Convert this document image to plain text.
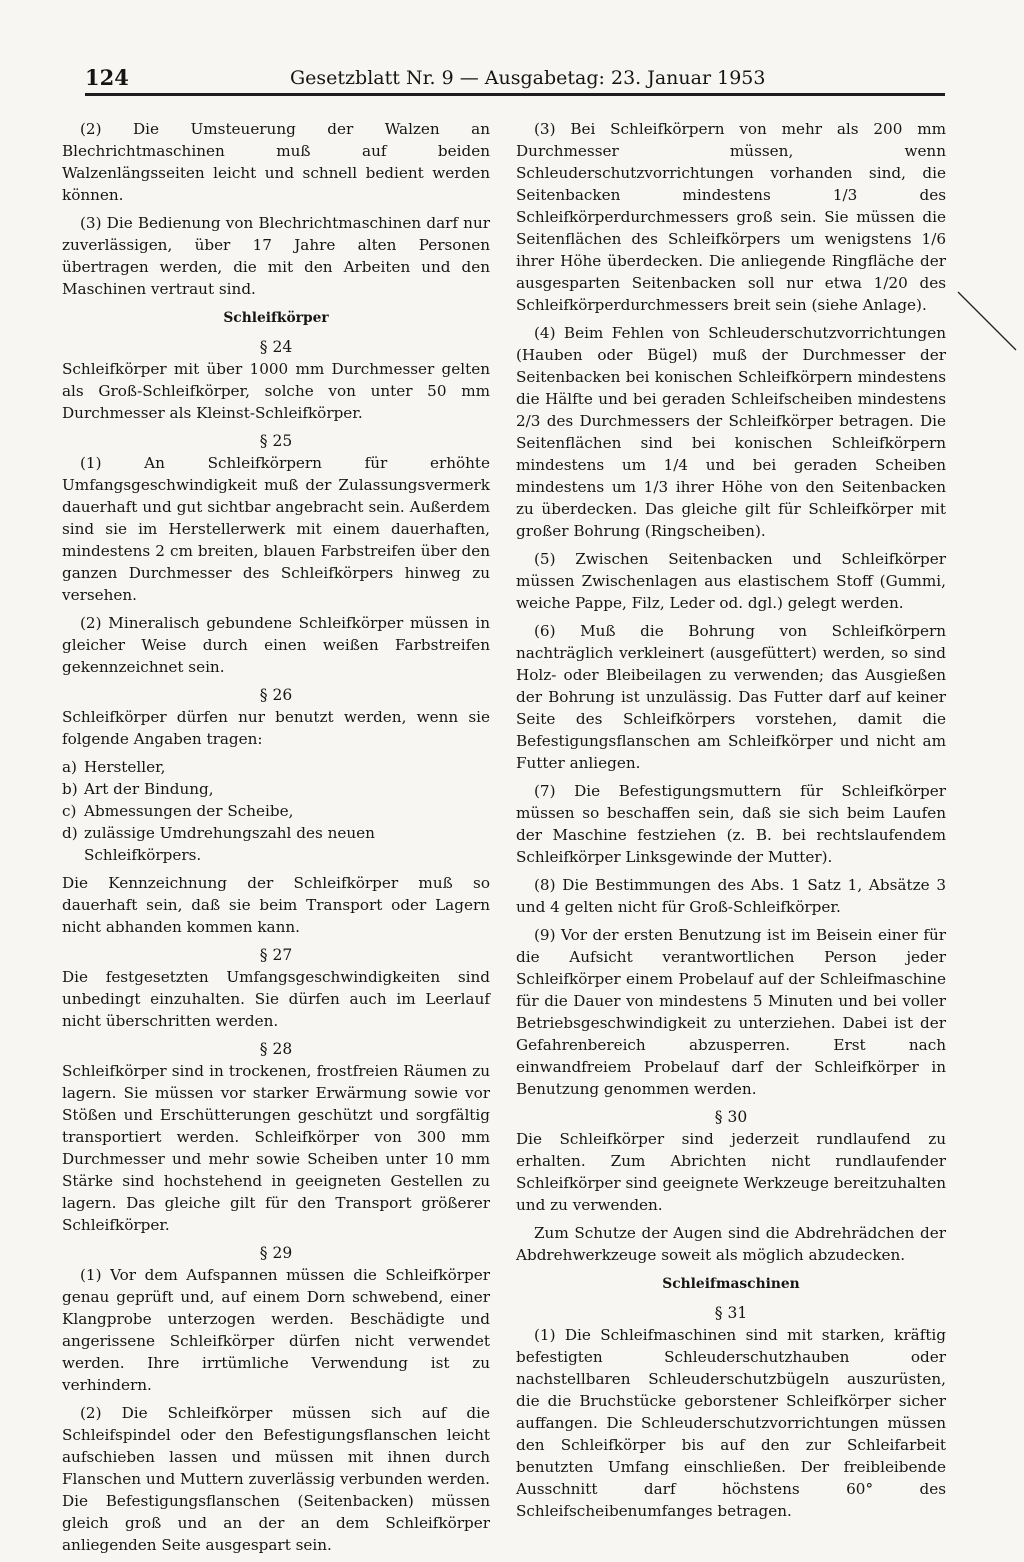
124	Gesetzblatt Nr. 9 — Ausgabetag: 23. Januar 1953

(2) Die Umsteuerung der Walzen an Blechrichtmaschinen muß auf beiden Walzenlängsseiten leicht und schnell bedient werden können.

(3) Die Bedienung von Blechrichtmaschinen darf nur zuverlässigen, über 17 Jahre alten Personen übertragen werden, die mit den Arbeiten und den Maschinen vertraut sind.

Schleifkörper
§ 24

Schleifkörper mit über 1000 mm Durchmesser gelten als Groß-Schleifkörper, solche von unter 50 mm Durchmesser als Kleinst-Schleifkörper.

§ 25

(1) An Schleifkörpern für erhöhte Umfangsgeschwindigkeit muß der Zulassungsvermerk dauerhaft und gut sichtbar angebracht sein. Außerdem sind sie im Herstellerwerk mit einem dauerhaften, mindestens 2 cm breiten, blauen Farbstreifen über den ganzen Durchmesser des Schleifkörpers hinweg zu versehen.

(2) Mineralisch gebundene Schleifkörper müssen in gleicher Weise durch einen weißen Farbstreifen gekennzeichnet sein.

§ 26

Schleifkörper dürfen nur benutzt werden, wenn sie folgende Angaben tragen:

a) Hersteller,
b) Art der Bindung,
c) Abmessungen der Scheibe,
d) zulässige Umdrehungszahl des neuen Schleifkörpers.

Die Kennzeichnung der Schleifkörper muß so dauerhaft sein, daß sie beim Transport oder Lagern nicht abhanden kommen kann.

§ 27

Die festgesetzten Umfangsgeschwindigkeiten sind unbedingt einzuhalten. Sie dürfen auch im Leerlauf nicht überschritten werden.

§ 28

Schleifkörper sind in trockenen, frostfreien Räumen zu lagern. Sie müssen vor starker Erwärmung sowie vor Stößen und Erschütterungen geschützt und sorgfältig transportiert werden. Schleifkörper von 300 mm Durchmesser und mehr sowie Scheiben unter 10 mm Stärke sind hochstehend in geeigneten Gestellen zu lagern. Das gleiche gilt für den Transport größerer Schleifkörper.

§ 29

(1) Vor dem Aufspannen müssen die Schleifkörper genau geprüft und, auf einem Dorn schwebend, einer Klangprobe unterzogen werden. Beschädigte und angerissene Schleifkörper dürfen nicht verwendet werden. Ihre irrtümliche Verwendung ist zu verhindern.

(2) Die Schleifkörper müssen sich auf die Schleifspindel oder den Befestigungsflanschen leicht aufschieben lassen und müssen mit ihnen durch Flanschen und Muttern zuverlässig verbunden werden. Die Befestigungsflanschen (Seitenbacken) müssen gleich groß und an der an dem Schleifkörper anliegenden Seite ausgespart sein.

(3) Bei Schleifkörpern von mehr als 200 mm Durchmesser müssen, wenn Schleuderschutzvorrichtungen vorhanden sind, die Seitenbacken mindestens 1/3 des Schleifkörperdurchmessers groß sein. Sie müssen die Seitenflächen des Schleifkörpers um wenigstens 1/6 ihrer Höhe überdecken. Die anliegende Ringfläche der ausgesparten Seitenbacken soll nur etwa 1/20 des Schleifkörperdurchmessers breit sein (siehe Anlage).

(4) Beim Fehlen von Schleuderschutzvorrichtungen (Hauben oder Bügel) muß der Durchmesser der Seitenbacken bei konischen Schleifkörpern mindestens die Hälfte und bei geraden Schleifscheiben mindestens 2/3 des Durchmessers der Schleifkörper betragen. Die Seitenflächen sind bei konischen Schleifkörpern mindestens um 1/4 und bei geraden Scheiben mindestens um 1/3 ihrer Höhe von den Seitenbacken zu überdecken. Das gleiche gilt für Schleifkörper mit großer Bohrung (Ringscheiben).

(5) Zwischen Seitenbacken und Schleifkörper müssen Zwischenlagen aus elastischem Stoff (Gummi, weiche Pappe, Filz, Leder od. dgl.) gelegt werden.

(6) Muß die Bohrung von Schleifkörpern nachträglich verkleinert (ausgefüttert) werden, so sind Holz- oder Bleibeilagen zu verwenden; das Ausgießen der Bohrung ist unzulässig. Das Futter darf auf keiner Seite des Schleifkörpers vorstehen, damit die Befestigungsflanschen am Schleifkörper und nicht am Futter anliegen.

(7) Die Befestigungsmuttern für Schleifkörper müssen so beschaffen sein, daß sie sich beim Laufen der Maschine festziehen (z. B. bei rechtslaufendem Schleifkörper Linksgewinde der Mutter).

(8) Die Bestimmungen des Abs. 1 Satz 1, Absätze 3 und 4 gelten nicht für Groß-Schleifkörper.

(9) Vor der ersten Benutzung ist im Beisein einer für die Aufsicht verantwortlichen Person jeder Schleifkörper einem Probelauf auf der Schleifmaschine für die Dauer von mindestens 5 Minuten und bei voller Betriebsgeschwindigkeit zu unterziehen. Dabei ist der Gefahrenbereich abzusperren. Erst nach einwandfreiem Probelauf darf der Schleifkörper in Benutzung genommen werden.

§ 30

Die Schleifkörper sind jederzeit rundlaufend zu erhalten. Zum Abrichten nicht rundlaufender Schleifkörper sind geeignete Werkzeuge bereitzuhalten und zu verwenden.

Zum Schutze der Augen sind die Abdrehrädchen der Abdrehwerkzeuge soweit als möglich abzudecken.

Schleifmaschinen
§ 31

(1) Die Schleifmaschinen sind mit starken, kräftig befestigten Schleuderschutzhauben oder nachstellbaren Schleuderschutzbügeln auszurüsten, die die Bruchstücke geborstener Schleifkörper sicher auffangen. Die Schleuderschutzvorrichtungen müssen den Schleifkörper bis auf den zur Schleifarbeit benutzten Umfang einschließen. Der freibleibende Ausschnitt darf höchstens 60° des Schleifscheibenumfanges betragen.
